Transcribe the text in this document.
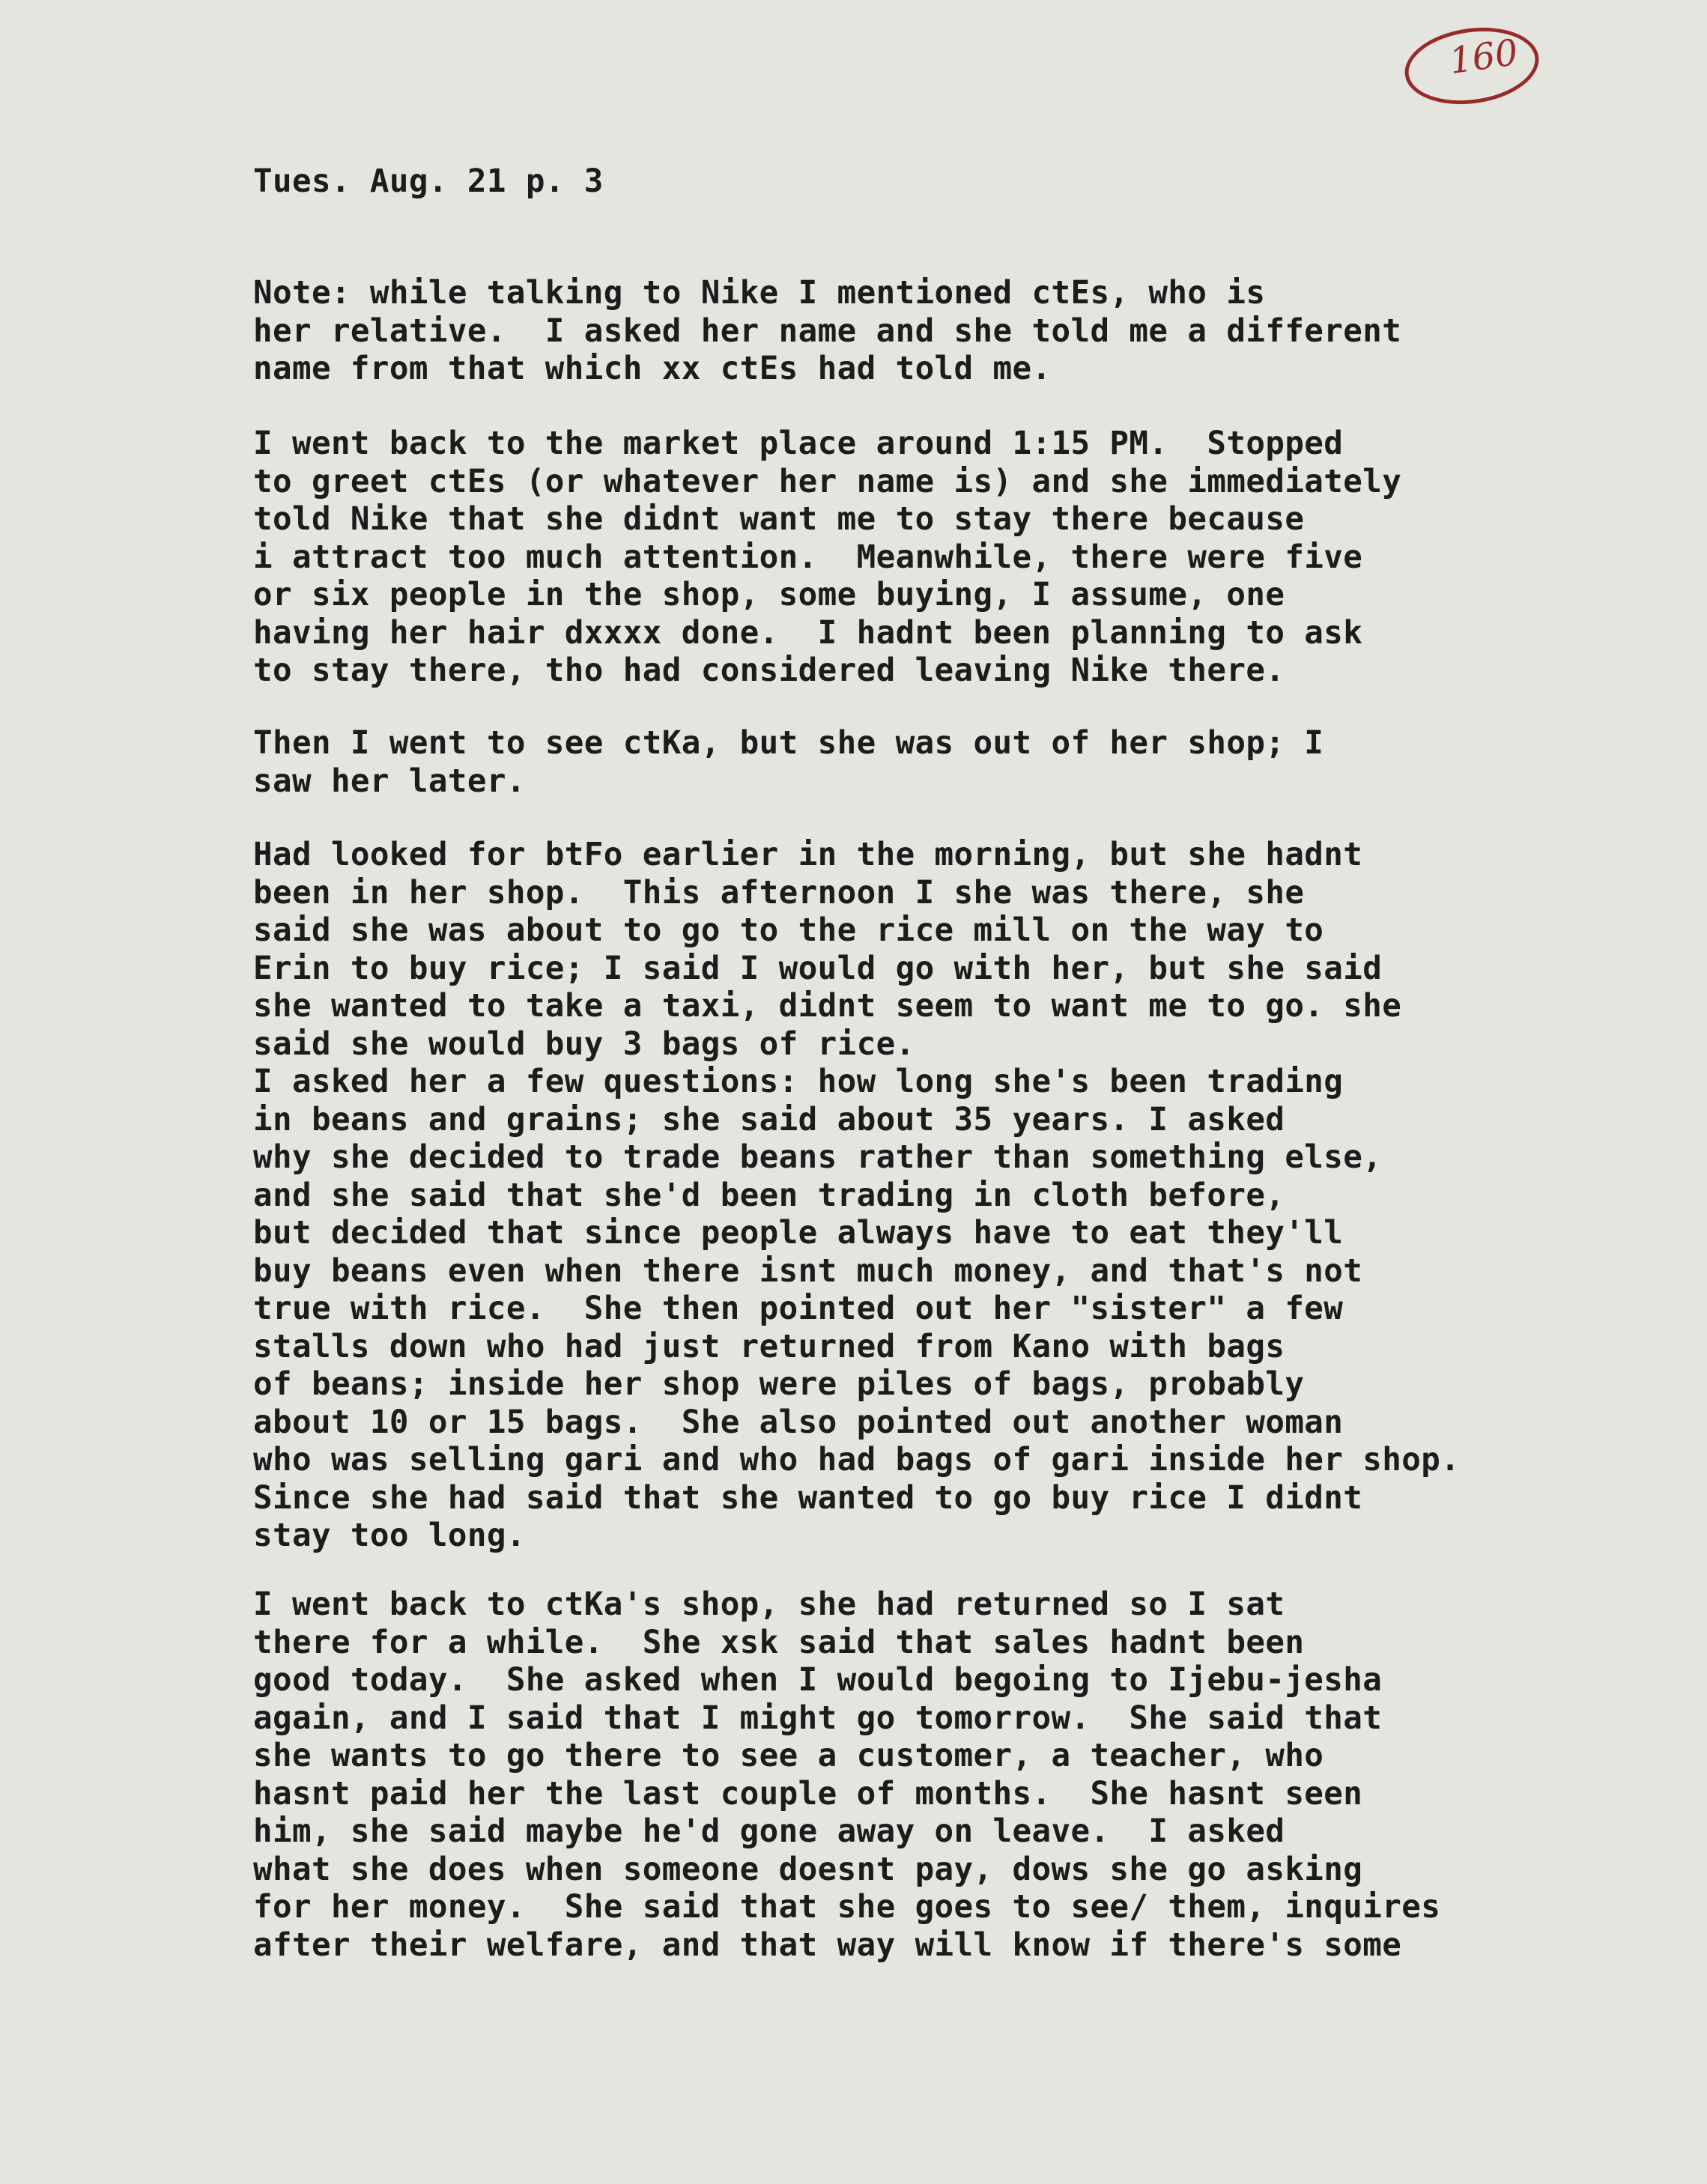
160
Tues. Aug. 21 p. 3
Note: while talking to Nike I mentioned ctEs, who is
her relative.  I asked her name and she told me a different
name from that which xx ctEs had told me.
I went back to the market place around 1:15 PM.  Stopped
to greet ctEs (or whatever her name is) and she immediately
told Nike that she didnt want me to stay there because
i attract too much attention.  Meanwhile, there were five
or six people in the shop, some buying, I assume, one
having her hair dxxxx done.  I hadnt been planning to ask
to stay there, tho had considered leaving Nike there.
Then I went to see ctKa, but she was out of her shop; I
saw her later.
Had looked for btFo earlier in the morning, but she hadnt
been in her shop.  This afternoon I she was there, she
said she was about to go to the rice mill on the way to
Erin to buy rice; I said I would go with her, but she said
she wanted to take a taxi, didnt seem to want me to go. she
said she would buy 3 bags of rice.
I asked her a few questions: how long she's been trading
in beans and grains; she said about 35 years. I asked
why she decided to trade beans rather than something else,
and she said that she'd been trading in cloth before,
but decided that since people always have to eat they'll
buy beans even when there isnt much money, and that's not
true with rice.  She then pointed out her "sister" a few
stalls down who had just returned from Kano with bags
of beans; inside her shop were piles of bags, probably
about 10 or 15 bags.  She also pointed out another woman
who was selling gari and who had bags of gari inside her shop.
Since she had said that she wanted to go buy rice I didnt
stay too long.
I went back to ctKa's shop, she had returned so I sat
there for a while.  She xsk said that sales hadnt been
good today.  She asked when I would begoing to Ijebu-jesha
again, and I said that I might go tomorrow.  She said that
she wants to go there to see a customer, a teacher, who
hasnt paid her the last couple of months.  She hasnt seen
him, she said maybe he'd gone away on leave.  I asked
what she does when someone doesnt pay, dows she go asking
for her money.  She said that she goes to see/ them, inquires
after their welfare, and that way will know if there's some
